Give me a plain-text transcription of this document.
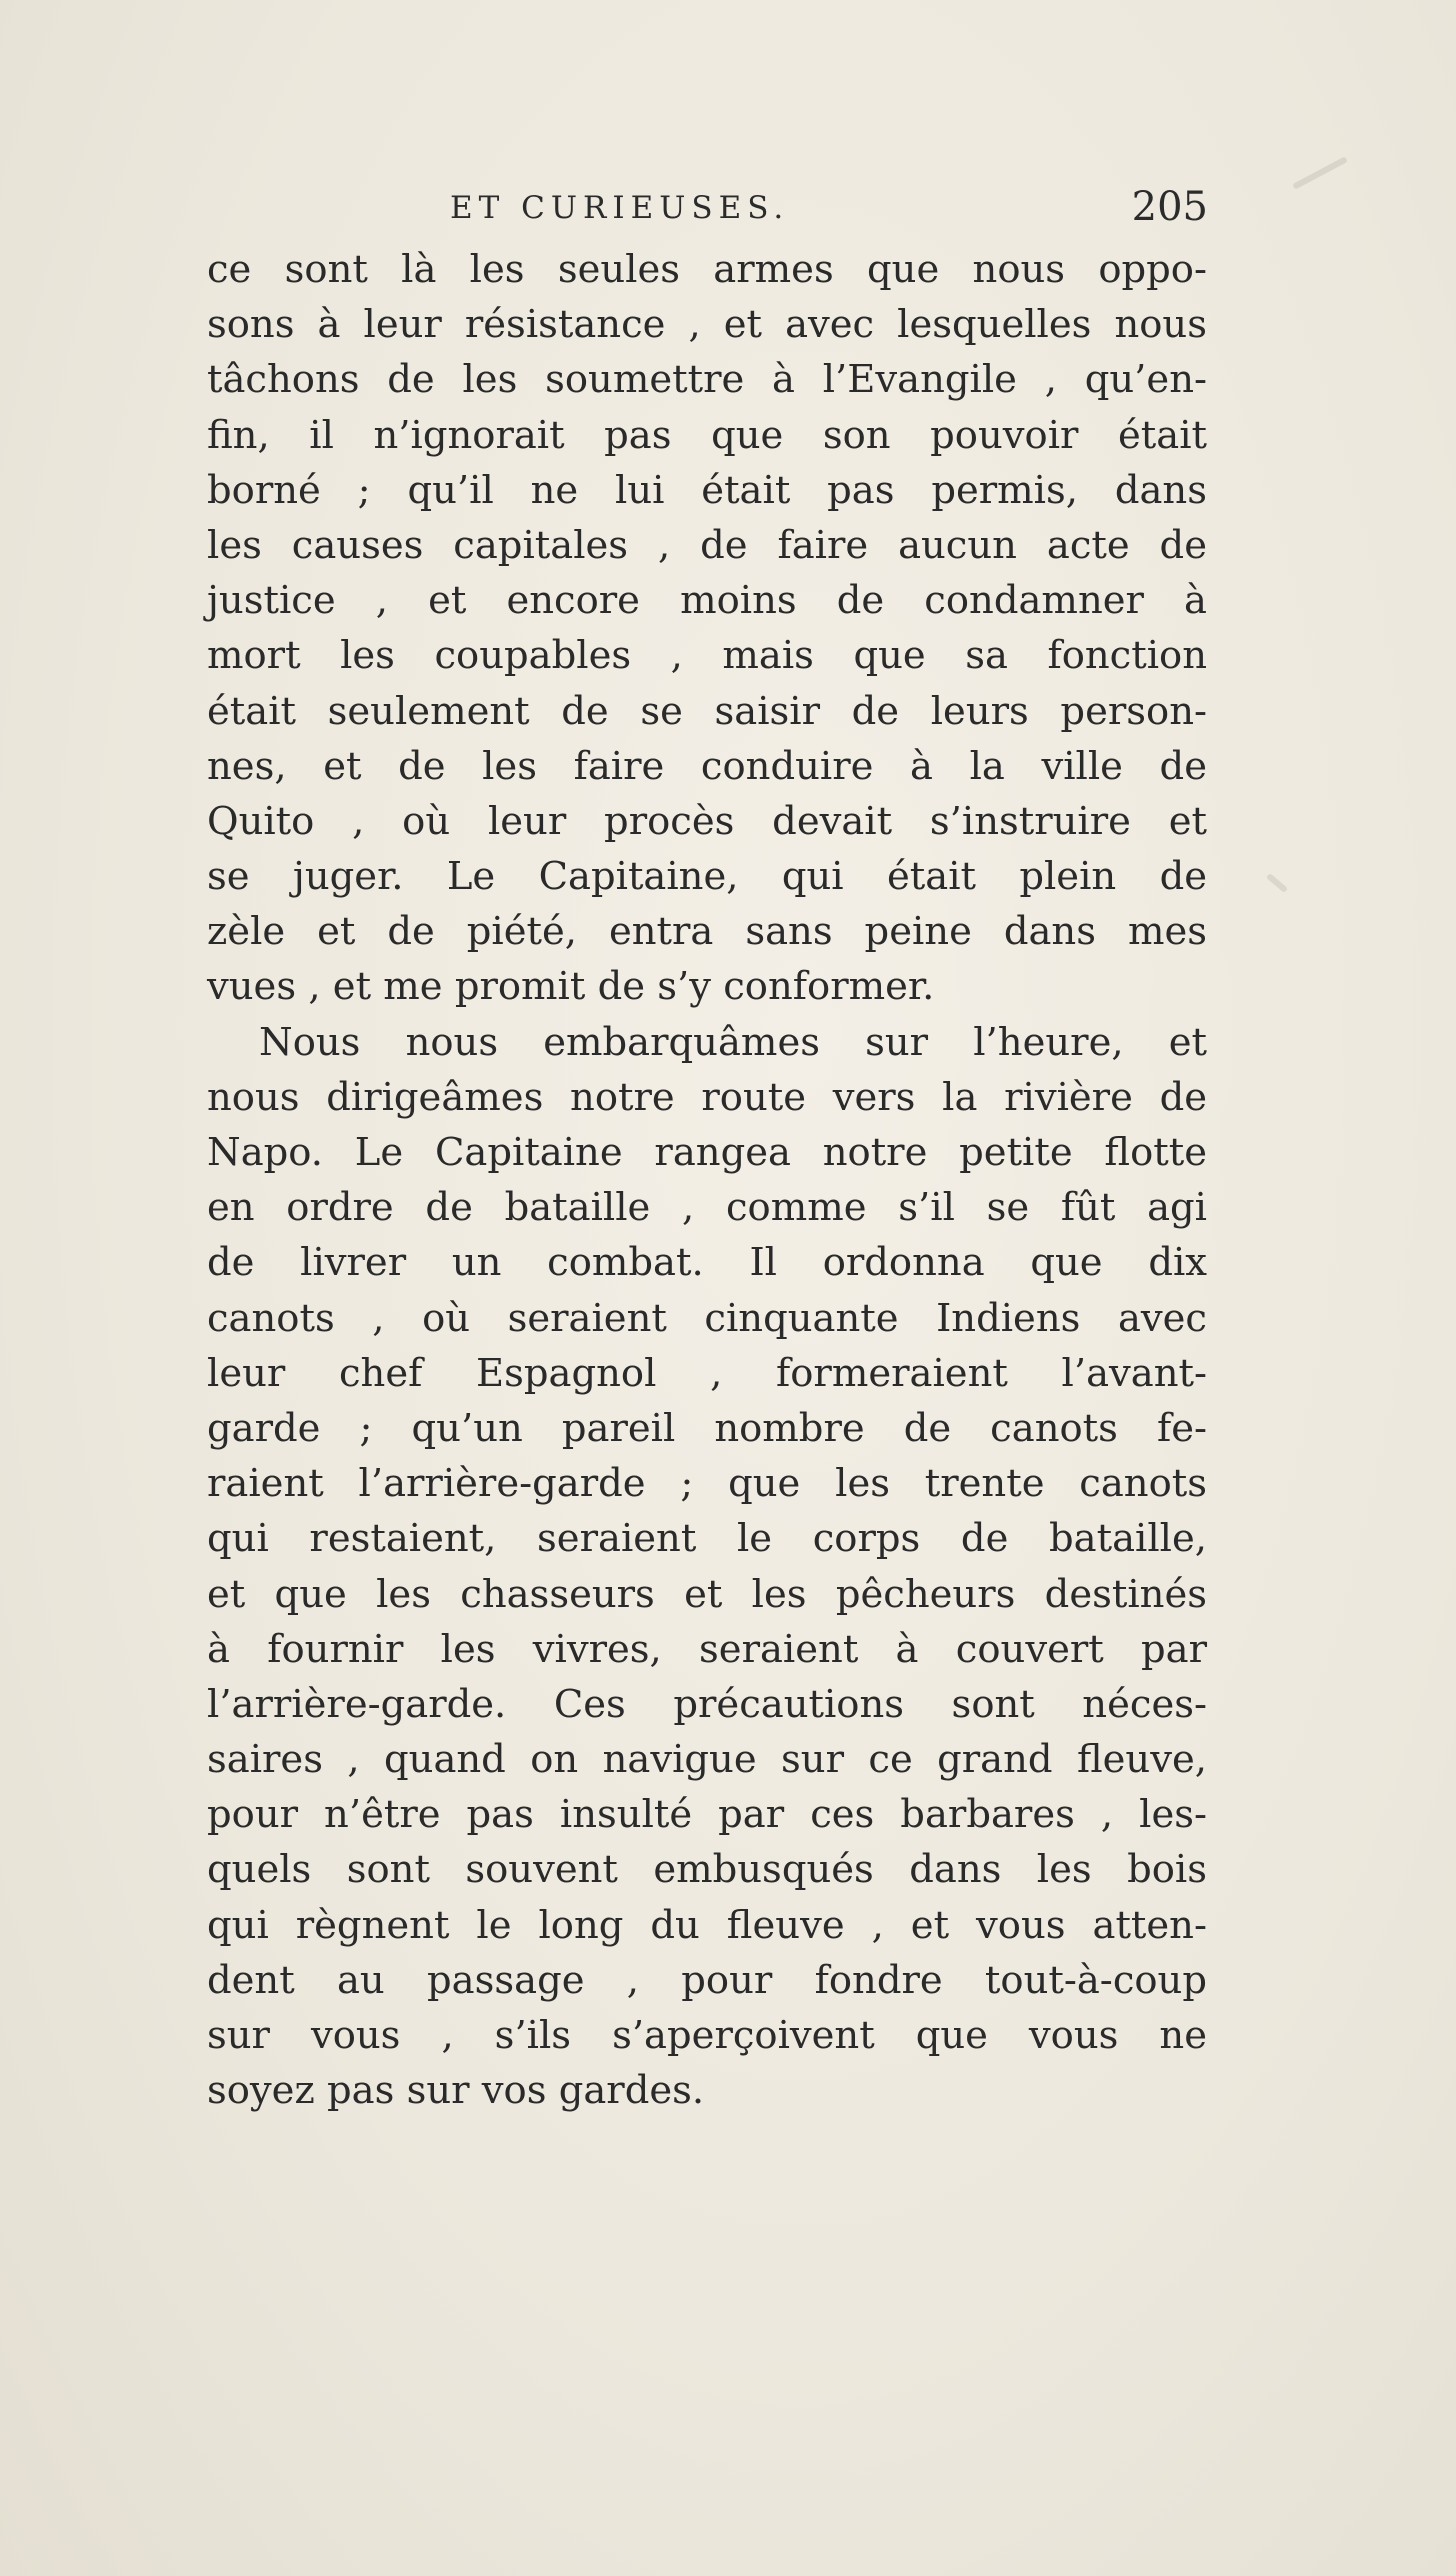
ET CURIEUSES.	205
ce sont là les seules armes que nous oppo-
sons à leur résistance , et avec lesquelles nous
tâchons de les soumettre à l’Evangile , qu’en-
fin, il n’ignorait pas que son pouvoir était
borné ; qu’il ne lui était pas permis, dans
les causes capitales , de faire aucun acte de
justice , et encore moins de condamner à
mort les coupables , mais que sa fonction
était seulement de se saisir de leurs person-
nes, et de les faire conduire à la ville de
Quito , où leur procès devait s’instruire et
se juger. Le Capitaine, qui était plein de
zèle et de piété, entra sans peine dans mes
vues , et me promit de s’y conformer.
Nous nous embarquâmes sur l’heure, et
nous dirigeâmes notre route vers la rivière de
Napo. Le Capitaine rangea notre petite flotte
en ordre de bataille , comme s’il se fût agi
de livrer un combat. Il ordonna que dix
canots , où seraient cinquante Indiens avec
leur chef Espagnol , formeraient l’avant-
garde ; qu’un pareil nombre de canots fe-
raient l’arrière-garde ; que les trente canots
qui restaient, seraient le corps de bataille,
et que les chasseurs et les pêcheurs destinés
à fournir les vivres, seraient à couvert par
l’arrière-garde. Ces précautions sont néces-
saires , quand on navigue sur ce grand fleuve,
pour n’être pas insulté par ces barbares , les-
quels sont souvent embusqués dans les bois
qui règnent le long du fleuve , et vous atten-
dent au passage , pour fondre tout-à-coup
sur vous , s’ils s’aperçoivent que vous ne
soyez pas sur vos gardes.
